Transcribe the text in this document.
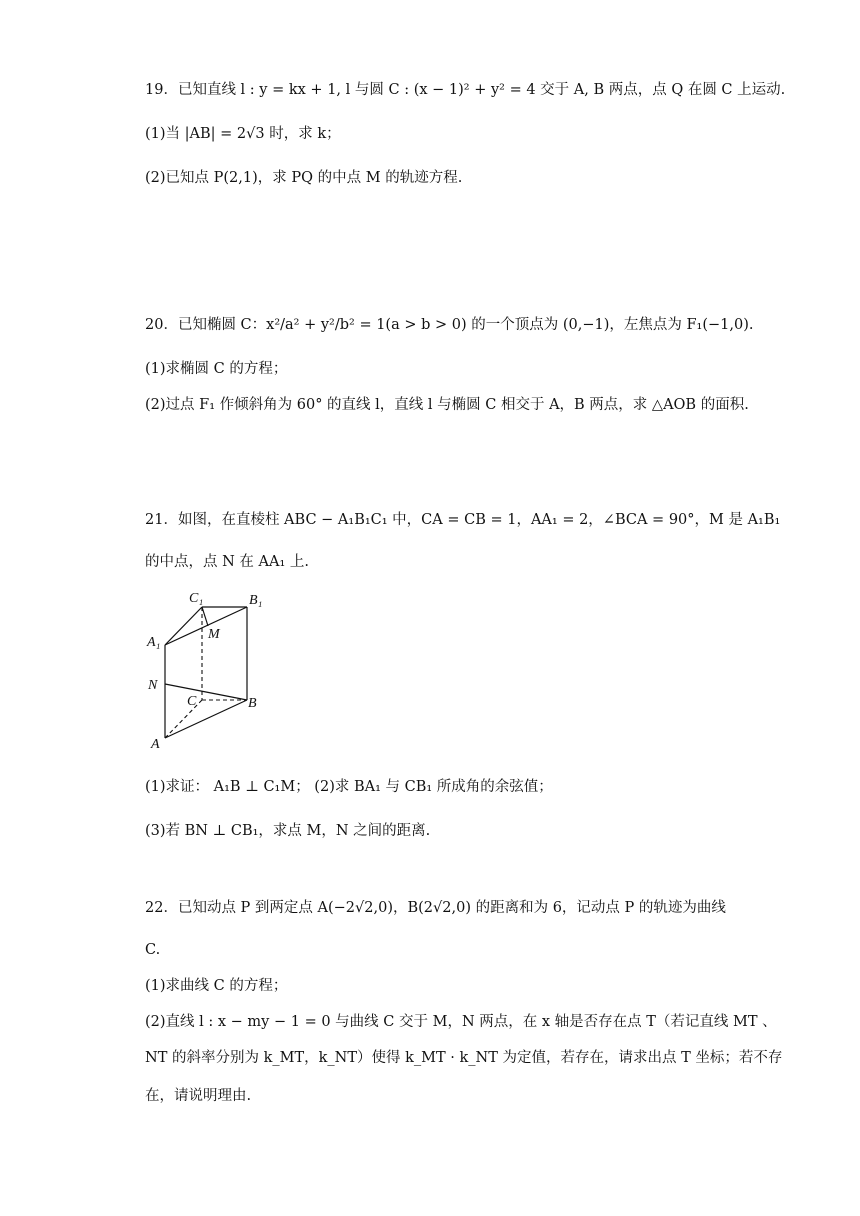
19．已知直线 l : y = kx + 1, l 与圆 C : (x − 1)² + y² = 4 交于 A, B 两点，点 Q 在圆 C 上运动.
(1)当 |AB| = 2√3 时，求 k；
(2)已知点 P(2,1)，求 PQ 的中点 M 的轨迹方程.
20．已知椭圆 C：x²/a² + y²/b² = 1(a > b > 0) 的一个顶点为 (0,−1)，左焦点为 F₁(−1,0).
(1)求椭圆 C 的方程；
(2)过点 F₁ 作倾斜角为 60° 的直线 l，直线 l 与椭圆 C 相交于 A，B 两点，求 △AOB 的面积.
21．如图，在直棱柱 ABC − A₁B₁C₁ 中，CA = CB = 1，AA₁ = 2，∠BCA = 90°，M 是 A₁B₁
的中点，点 N 在 AA₁ 上.
C₁	B₁
A₁
M
N
C	B
A
(1)求证： A₁B ⊥ C₁M； (2)求 BA₁ 与 CB₁ 所成角的余弦值；
(3)若 BN ⊥ CB₁，求点 M，N 之间的距离.
22．已知动点 P 到两定点 A(−2√2,0)，B(2√2,0) 的距离和为 6，记动点 P 的轨迹为曲线
C.
(1)求曲线 C 的方程；
(2)直线 l : x − my − 1 = 0 与曲线 C 交于 M，N 两点，在 x 轴是否存在点 T（若记直线 MT 、
NT 的斜率分别为 k_MT，k_NT）使得 k_MT · k_NT 为定值，若存在，请求出点 T 坐标；若不存
在，请说明理由.
